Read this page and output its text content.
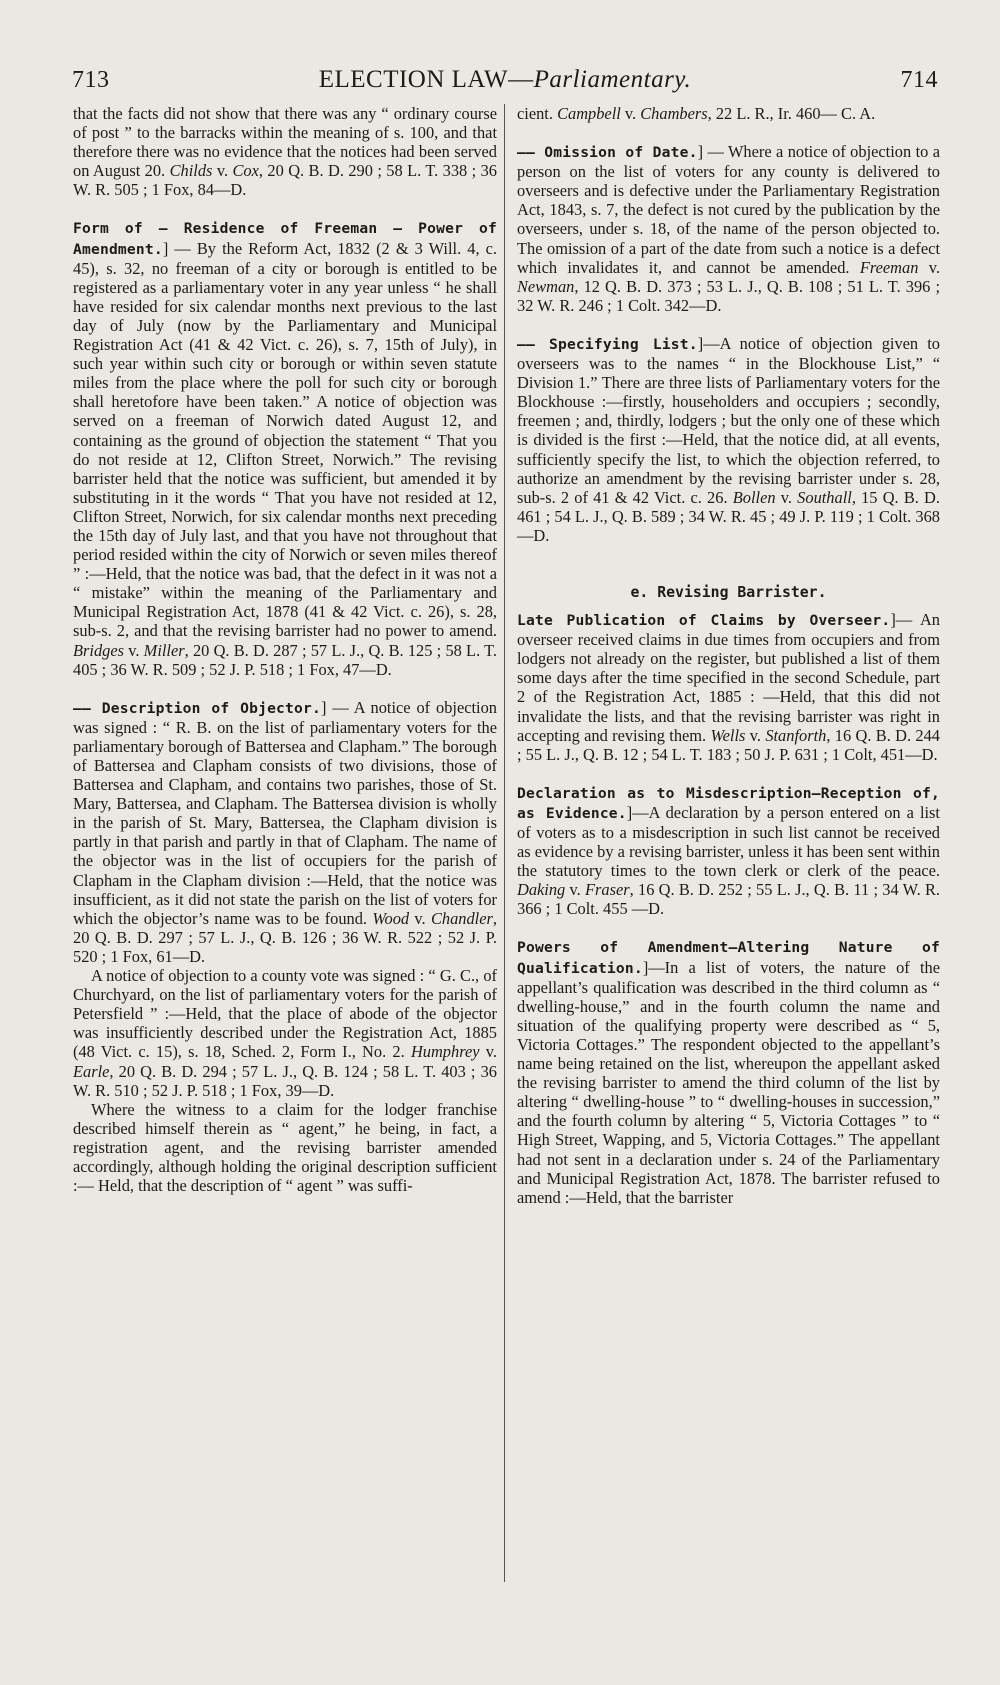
713	ELECTION LAW—Parliamentary.	714

that the facts did not show that there was any “ ordinary course of post ” to the barracks within the meaning of s. 100, and that therefore there was no evidence that the notices had been served on August 20. Childs v. Cox, 20 Q. B. D. 290 ; 58 L. T. 338 ; 36 W. R. 505 ; 1 Fox, 84—D.

Form of — Residence of Freeman — Power of Amendment.] — By the Reform Act, 1832 (2 & 3 Will. 4, c. 45), s. 32, no freeman of a city or borough is entitled to be registered as a parliamentary voter in any year unless “ he shall have resided for six calendar months next previous to the last day of July (now by the Parliamentary and Municipal Registration Act (41 & 42 Vict. c. 26), s. 7, 15th of July), in such year within such city or borough or within seven statute miles from the place where the poll for such city or borough shall heretofore have been taken.” A notice of objection was served on a freeman of Norwich dated August 12, and containing as the ground of objection the statement “ That you do not reside at 12, Clifton Street, Norwich.” The revising barrister held that the notice was sufficient, but amended it by substituting in it the words “ That you have not resided at 12, Clifton Street, Norwich, for six calendar months next preceding the 15th day of July last, and that you have not throughout that period resided within the city of Norwich or seven miles thereof ” :—Held, that the notice was bad, that the defect in it was not a “ mistake” within the meaning of the Parliamentary and Municipal Registration Act, 1878 (41 & 42 Vict. c. 26), s. 28, sub-s. 2, and that the revising barrister had no power to amend. Bridges v. Miller, 20 Q. B. D. 287 ; 57 L. J., Q. B. 125 ; 58 L. T. 405 ; 36 W. R. 509 ; 52 J. P. 518 ; 1 Fox, 47—D.

—— Description of Objector.] — A notice of objection was signed : “ R. B. on the list of parliamentary voters for the parliamentary borough of Battersea and Clapham.” The borough of Battersea and Clapham consists of two divisions, those of Battersea and Clapham, and contains two parishes, those of St. Mary, Battersea, and Clapham. The Battersea division is wholly in the parish of St. Mary, Battersea, the Clapham division is partly in that parish and partly in that of Clapham. The name of the objector was in the list of occupiers for the parish of Clapham in the Clapham division :—Held, that the notice was insufficient, as it did not state the parish on the list of voters for which the objector’s name was to be found. Wood v. Chandler, 20 Q. B. D. 297 ; 57 L. J., Q. B. 126 ; 36 W. R. 522 ; 52 J. P. 520 ; 1 Fox, 61—D.

A notice of objection to a county vote was signed : “ G. C., of Churchyard, on the list of parliamentary voters for the parish of Petersfield ” :—Held, that the place of abode of the objector was insufficiently described under the Registration Act, 1885 (48 Vict. c. 15), s. 18, Sched. 2, Form I., No. 2. Humphrey v. Earle, 20 Q. B. D. 294 ; 57 L. J., Q. B. 124 ; 58 L. T. 403 ; 36 W. R. 510 ; 52 J. P. 518 ; 1 Fox, 39—D.

Where the witness to a claim for the lodger franchise described himself therein as “ agent,” he being, in fact, a registration agent, and the revising barrister amended accordingly, although holding the original description sufficient :— Held, that the description of “ agent ” was suffi-

cient. Campbell v. Chambers, 22 L. R., Ir. 460— C. A.

—— Omission of Date.] — Where a notice of objection to a person on the list of voters for any county is delivered to overseers and is defective under the Parliamentary Registration Act, 1843, s. 7, the defect is not cured by the publication by the overseers, under s. 18, of the name of the person objected to. The omission of a part of the date from such a notice is a defect which invalidates it, and cannot be amended. Freeman v. Newman, 12 Q. B. D. 373 ; 53 L. J., Q. B. 108 ; 51 L. T. 396 ; 32 W. R. 246 ; 1 Colt. 342—D.

—— Specifying List.]—A notice of objection given to overseers was to the names “ in the Blockhouse List,” “ Division 1.” There are three lists of Parliamentary voters for the Blockhouse :—firstly, householders and occupiers ; secondly, freemen ; and, thirdly, lodgers ; but the only one of these which is divided is the first :—Held, that the notice did, at all events, sufficiently specify the list, to which the objection referred, to authorize an amendment by the revising barrister under s. 28, sub-s. 2 of 41 & 42 Vict. c. 26. Bollen v. Southall, 15 Q. B. D. 461 ; 54 L. J., Q. B. 589 ; 34 W. R. 45 ; 49 J. P. 119 ; 1 Colt. 368—D.

e. Revising Barrister.

Late Publication of Claims by Overseer.]— An overseer received claims in due times from occupiers and from lodgers not already on the register, but published a list of them some days after the time specified in the second Schedule, part 2 of the Registration Act, 1885 : —Held, that this did not invalidate the lists, and that the revising barrister was right in accepting and revising them. Wells v. Stanforth, 16 Q. B. D. 244 ; 55 L. J., Q. B. 12 ; 54 L. T. 183 ; 50 J. P. 631 ; 1 Colt, 451—D.

Declaration as to Misdescription—Reception of, as Evidence.]—A declaration by a person entered on a list of voters as to a misdescription in such list cannot be received as evidence by a revising barrister, unless it has been sent within the statutory times to the town clerk or clerk of the peace. Daking v. Fraser, 16 Q. B. D. 252 ; 55 L. J., Q. B. 11 ; 34 W. R. 366 ; 1 Colt. 455 —D.

Powers of Amendment—Altering Nature of Qualification.]—In a list of voters, the nature of the appellant’s qualification was described in the third column as “ dwelling-house,” and in the fourth column the name and situation of the qualifying property were described as “ 5, Victoria Cottages.” The respondent objected to the appellant’s name being retained on the list, whereupon the appellant asked the revising barrister to amend the third column of the list by altering “ dwelling-house ” to “ dwelling-houses in succession,” and the fourth column by altering “ 5, Victoria Cottages ” to “ High Street, Wapping, and 5, Victoria Cottages.” The appellant had not sent in a declaration under s. 24 of the Parliamentary and Municipal Registration Act, 1878. The barrister refused to amend :—Held, that the barrister
